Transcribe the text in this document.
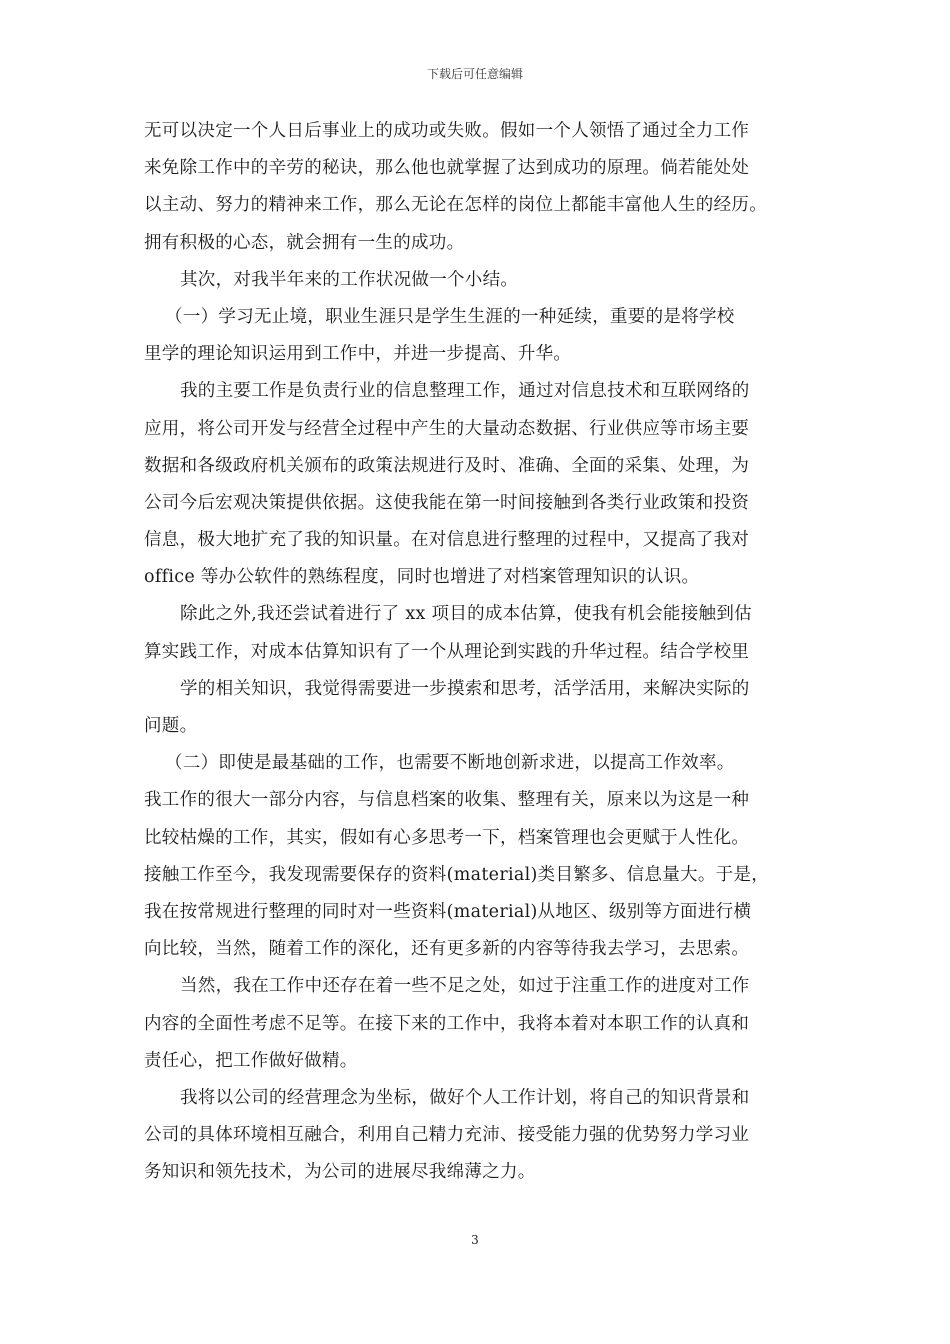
下载后可任意编辑
无可以决定一个人日后事业上的成功或失败。假如一个人领悟了通过全力工作
来免除工作中的辛劳的秘诀，那么他也就掌握了达到成功的原理。倘若能处处
以主动、努力的精神来工作，那么无论在怎样的岗位上都能丰富他人生的经历。
拥有积极的心态，就会拥有一生的成功。
其次，对我半年来的工作状况做一个小结。
（一）学习无止境，职业生涯只是学生生涯的一种延续，重要的是将学校
里学的理论知识运用到工作中，并进一步提高、升华。
我的主要工作是负责行业的信息整理工作，通过对信息技术和互联网络的
应用，将公司开发与经营全过程中产生的大量动态数据、行业供应等市场主要
数据和各级政府机关颁布的政策法规进行及时、准确、全面的采集、处理，为
公司今后宏观决策提供依据。这使我能在第一时间接触到各类行业政策和投资
信息，极大地扩充了我的知识量。在对信息进行整理的过程中，又提高了我对
office 等办公软件的熟练程度，同时也增进了对档案管理知识的认识。
除此之外,我还尝试着进行了 xx 项目的成本估算，使我有机会能接触到估
算实践工作，对成本估算知识有了一个从理论到实践的升华过程。结合学校里
学的相关知识，我觉得需要进一步摸索和思考，活学活用，来解决实际的
问题。
（二）即使是最基础的工作，也需要不断地创新求进，以提高工作效率。
我工作的很大一部分内容，与信息档案的收集、整理有关，原来以为这是一种
比较枯燥的工作，其实，假如有心多思考一下，档案管理也会更赋于人性化。
接触工作至今，我发现需要保存的资料(material)类目繁多、信息量大。于是，
我在按常规进行整理的同时对一些资料(material)从地区、级别等方面进行横
向比较，当然，随着工作的深化，还有更多新的内容等待我去学习，去思索。
当然，我在工作中还存在着一些不足之处，如过于注重工作的进度对工作
内容的全面性考虑不足等。在接下来的工作中，我将本着对本职工作的认真和
责任心，把工作做好做精。
我将以公司的经营理念为坐标，做好个人工作计划，将自己的知识背景和
公司的具体环境相互融合，利用自己精力充沛、接受能力强的优势努力学习业
务知识和领先技术，为公司的进展尽我绵薄之力。
3
